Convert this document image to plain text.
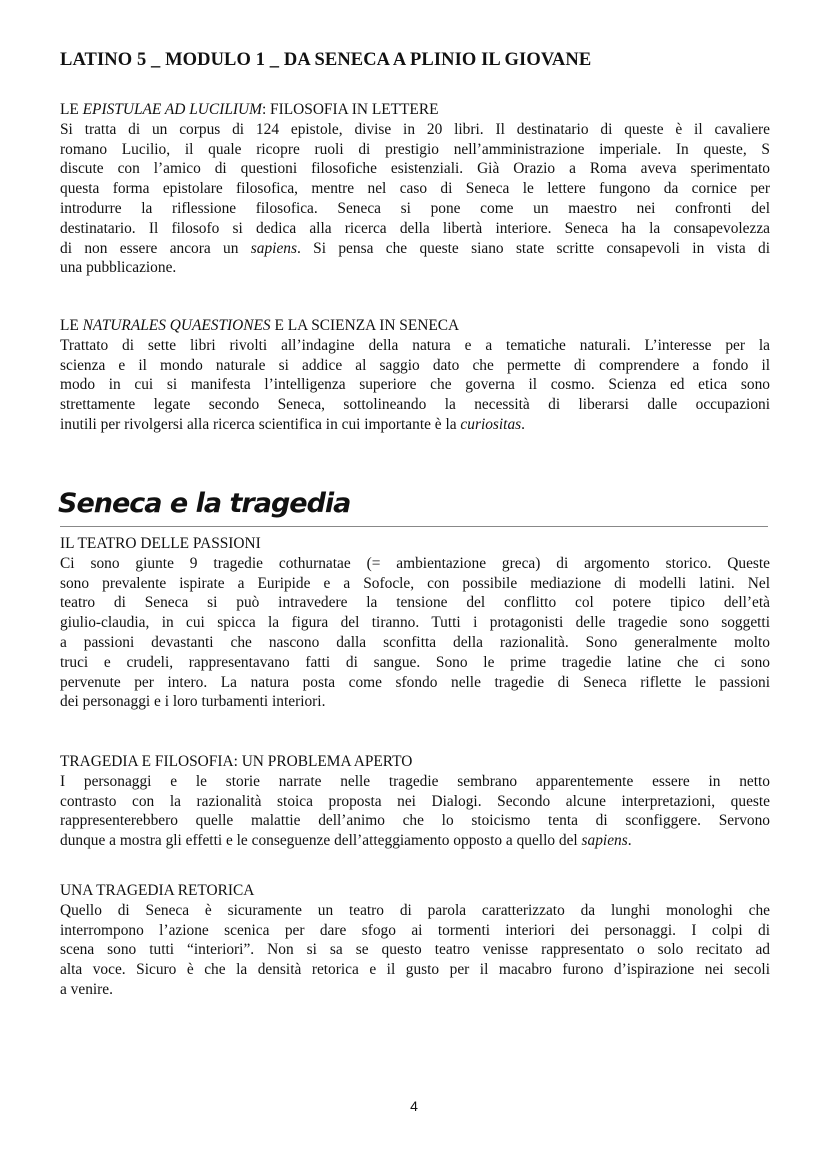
LATINO 5 _ MODULO 1 _ DA SENECA A PLINIO IL GIOVANE
LE EPISTULAE AD LUCILIUM: FILOSOFIA IN LETTERE
Si tratta di un corpus di 124 epistole, divise in 20 libri. Il destinatario di queste è il cavaliere
romano Lucilio, il quale ricopre ruoli di prestigio nell’amministrazione imperiale. In queste, S
discute con l’amico di questioni filosofiche esistenziali. Già Orazio a Roma aveva sperimentato
questa forma epistolare filosofica, mentre nel caso di Seneca le lettere fungono da cornice per
introdurre la riflessione filosofica. Seneca si pone come un maestro nei confronti del
destinatario. Il filosofo si dedica alla ricerca della libertà interiore. Seneca ha la consapevolezza
di non essere ancora un sapiens. Si pensa che queste siano state scritte consapevoli in vista di
una pubblicazione.
LE NATURALES QUAESTIONES E LA SCIENZA IN SENECA
Trattato di sette libri rivolti all’indagine della natura e a tematiche naturali. L’interesse per la
scienza e il mondo naturale si addice al saggio dato che permette di comprendere a fondo il
modo in cui si manifesta l’intelligenza superiore che governa il cosmo. Scienza ed etica sono
strettamente legate secondo Seneca, sottolineando la necessità di liberarsi dalle occupazioni
inutili per rivolgersi alla ricerca scientifica in cui importante è la curiositas.
Seneca e la tragedia
IL TEATRO DELLE PASSIONI
Ci sono giunte 9 tragedie cothurnatae (= ambientazione greca) di argomento storico. Queste
sono prevalente ispirate a Euripide e a Sofocle, con possibile mediazione di modelli latini. Nel
teatro di Seneca si può intravedere la tensione del conflitto col potere tipico dell’età
giulio-claudia, in cui spicca la figura del tiranno. Tutti i protagonisti delle tragedie sono soggetti
a passioni devastanti che nascono dalla sconfitta della razionalità. Sono generalmente molto
truci e crudeli, rappresentavano fatti di sangue. Sono le prime tragedie latine che ci sono
pervenute per intero. La natura posta come sfondo nelle tragedie di Seneca riflette le passioni
dei personaggi e i loro turbamenti interiori.
TRAGEDIA E FILOSOFIA: UN PROBLEMA APERTO
I personaggi e le storie narrate nelle tragedie sembrano apparentemente essere in netto
contrasto con la razionalità stoica proposta nei Dialogi. Secondo alcune interpretazioni, queste
rappresenterebbero quelle malattie dell’animo che lo stoicismo tenta di sconfiggere. Servono
dunque a mostra gli effetti e le conseguenze dell’atteggiamento opposto a quello del sapiens.
UNA TRAGEDIA RETORICA
Quello di Seneca è sicuramente un teatro di parola caratterizzato da lunghi monologhi che
interrompono l’azione scenica per dare sfogo ai tormenti interiori dei personaggi. I colpi di
scena sono tutti “interiori”. Non si sa se questo teatro venisse rappresentato o solo recitato ad
alta voce. Sicuro è che la densità retorica e il gusto per il macabro furono d’ispirazione nei secoli
a venire.
4
